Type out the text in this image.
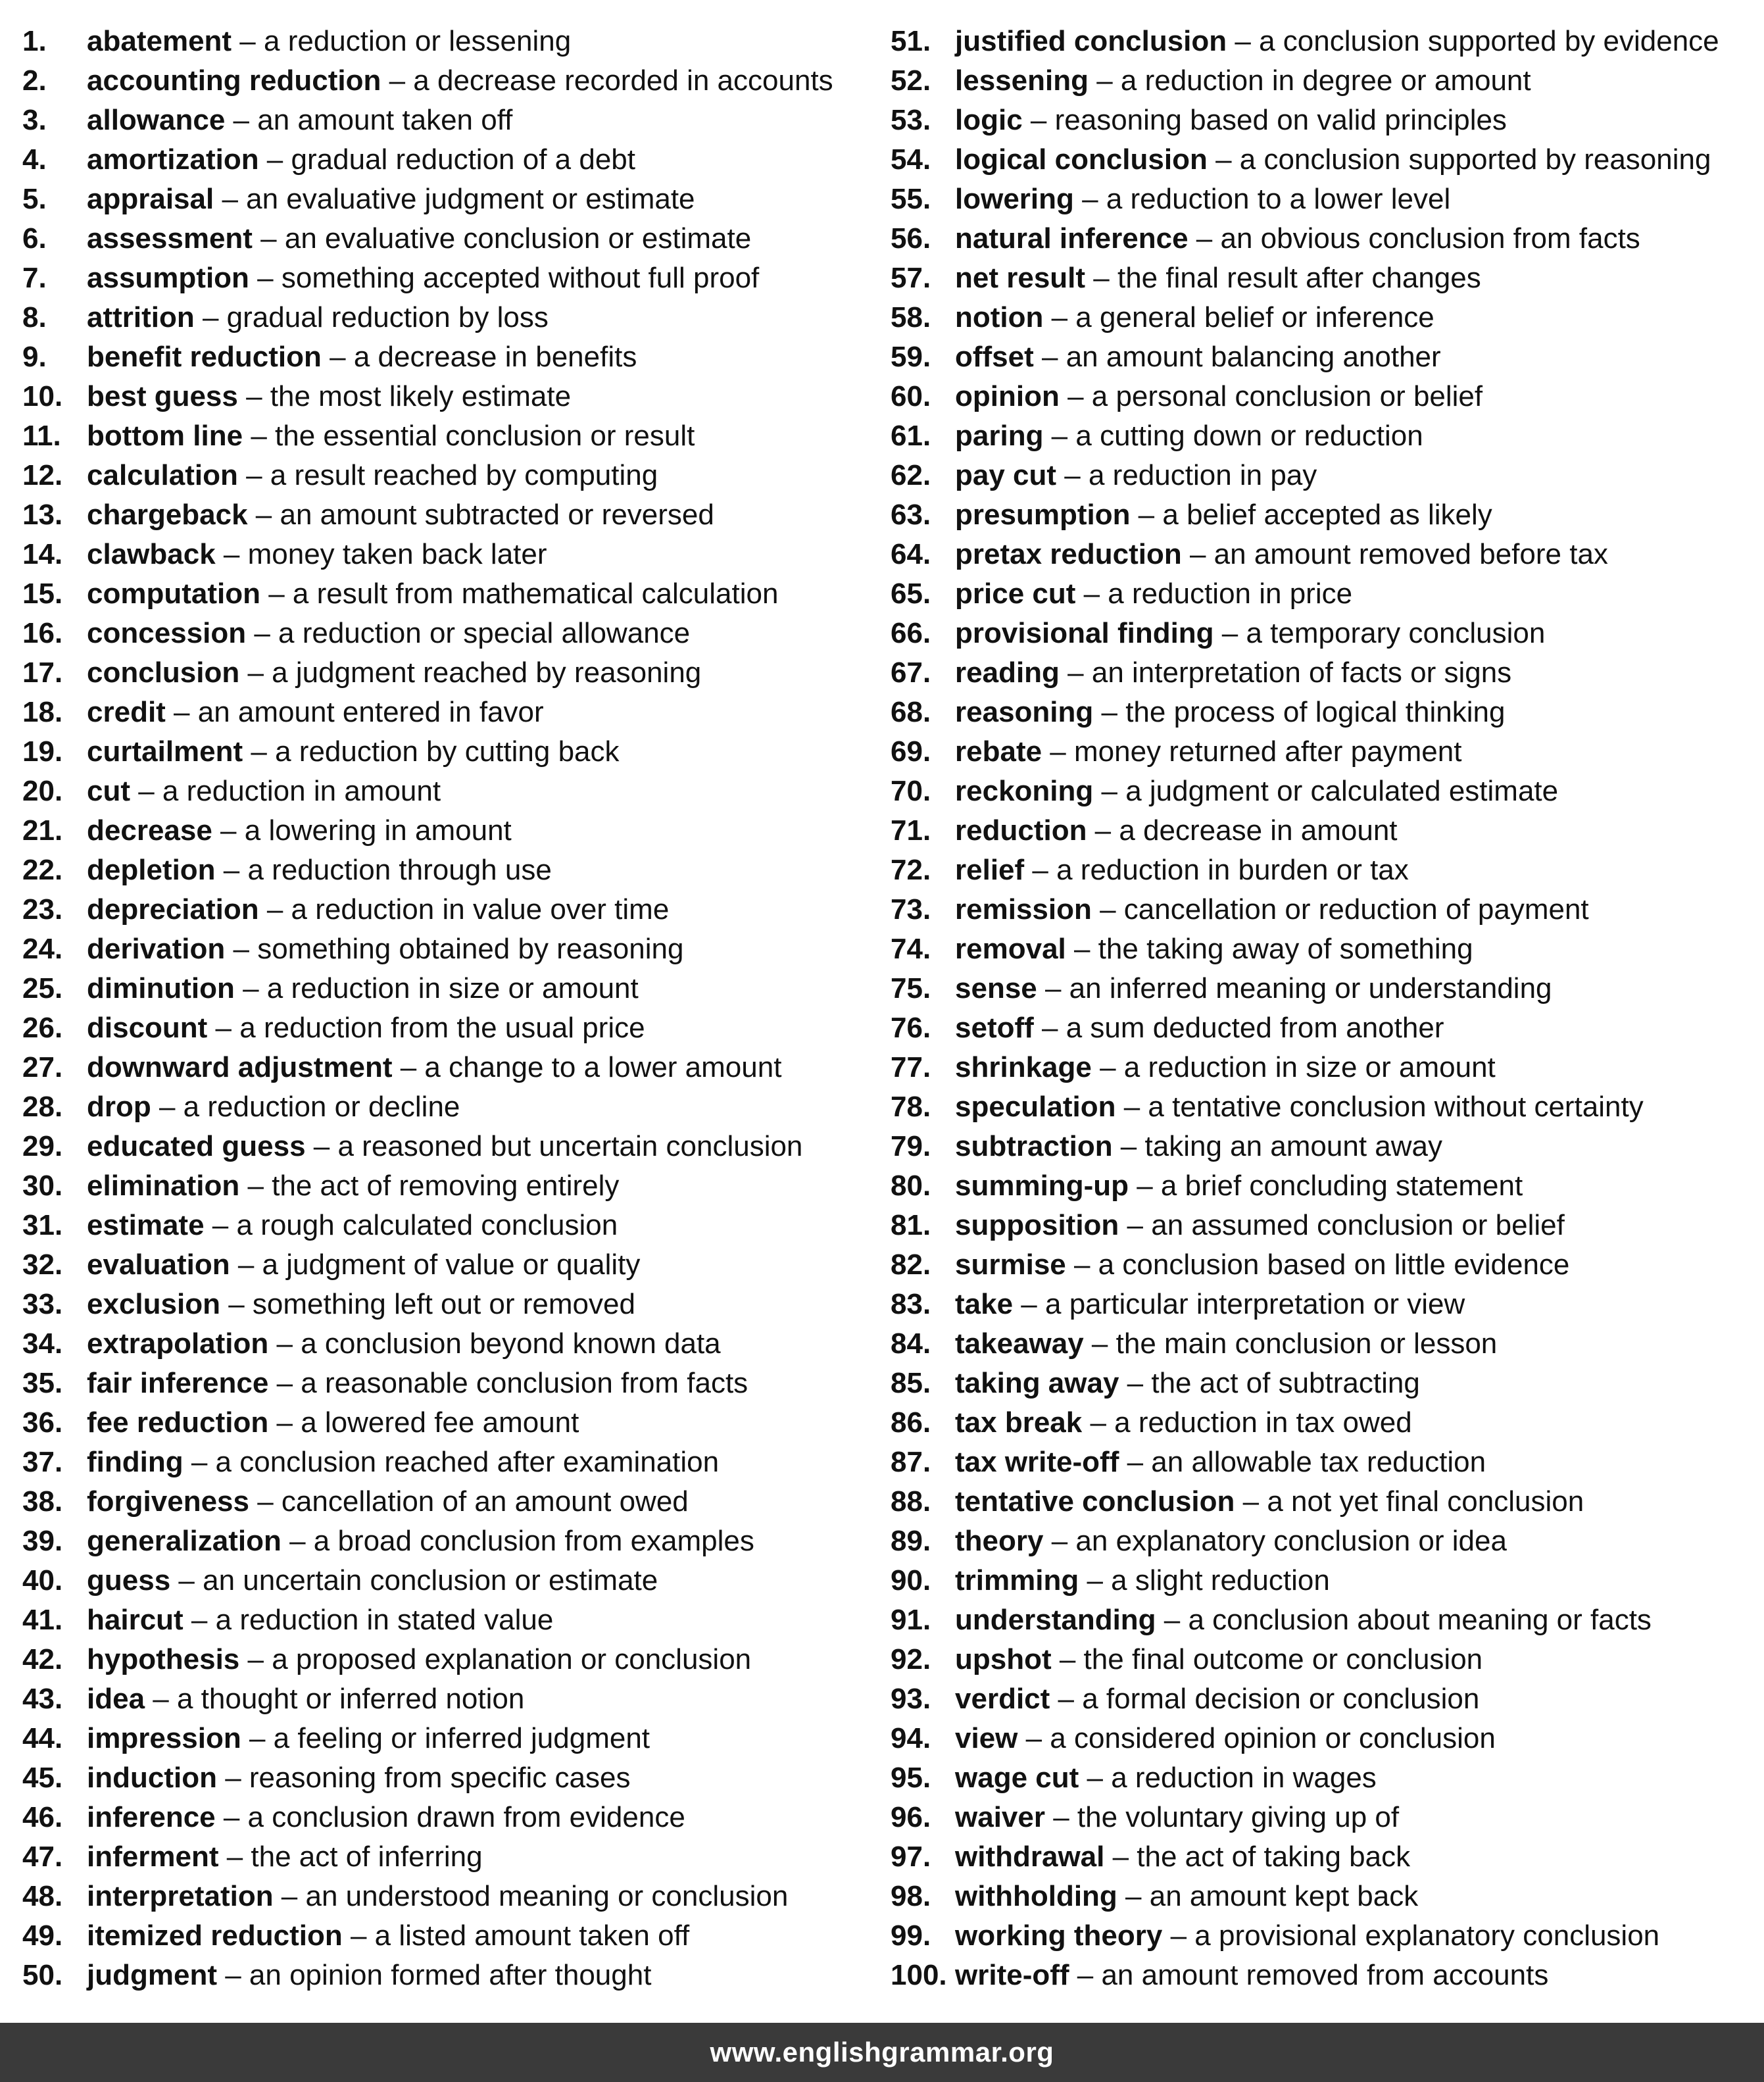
1. abatement – a reduction or lessening
2. accounting reduction – a decrease recorded in accounts
3. allowance – an amount taken off
4. amortization – gradual reduction of a debt
5. appraisal – an evaluative judgment or estimate
6. assessment – an evaluative conclusion or estimate
7. assumption – something accepted without full proof
8. attrition – gradual reduction by loss
9. benefit reduction – a decrease in benefits
10. best guess – the most likely estimate
11. bottom line – the essential conclusion or result
12. calculation – a result reached by computing
13. chargeback – an amount subtracted or reversed
14. clawback – money taken back later
15. computation – a result from mathematical calculation
16. concession – a reduction or special allowance
17. conclusion – a judgment reached by reasoning
18. credit – an amount entered in favor
19. curtailment – a reduction by cutting back
20. cut – a reduction in amount
21. decrease – a lowering in amount
22. depletion – a reduction through use
23. depreciation – a reduction in value over time
24. derivation – something obtained by reasoning
25. diminution – a reduction in size or amount
26. discount – a reduction from the usual price
27. downward adjustment – a change to a lower amount
28. drop – a reduction or decline
29. educated guess – a reasoned but uncertain conclusion
30. elimination – the act of removing entirely
31. estimate – a rough calculated conclusion
32. evaluation – a judgment of value or quality
33. exclusion – something left out or removed
34. extrapolation – a conclusion beyond known data
35. fair inference – a reasonable conclusion from facts
36. fee reduction – a lowered fee amount
37. finding – a conclusion reached after examination
38. forgiveness – cancellation of an amount owed
39. generalization – a broad conclusion from examples
40. guess – an uncertain conclusion or estimate
41. haircut – a reduction in stated value
42. hypothesis – a proposed explanation or conclusion
43. idea – a thought or inferred notion
44. impression – a feeling or inferred judgment
45. induction – reasoning from specific cases
46. inference – a conclusion drawn from evidence
47. inferment – the act of inferring
48. interpretation – an understood meaning or conclusion
49. itemized reduction – a listed amount taken off
50. judgment – an opinion formed after thought
51. justified conclusion – a conclusion supported by evidence
52. lessening – a reduction in degree or amount
53. logic – reasoning based on valid principles
54. logical conclusion – a conclusion supported by reasoning
55. lowering – a reduction to a lower level
56. natural inference – an obvious conclusion from facts
57. net result – the final result after changes
58. notion – a general belief or inference
59. offset – an amount balancing another
60. opinion – a personal conclusion or belief
61. paring – a cutting down or reduction
62. pay cut – a reduction in pay
63. presumption – a belief accepted as likely
64. pretax reduction – an amount removed before tax
65. price cut – a reduction in price
66. provisional finding – a temporary conclusion
67. reading – an interpretation of facts or signs
68. reasoning – the process of logical thinking
69. rebate – money returned after payment
70. reckoning – a judgment or calculated estimate
71. reduction – a decrease in amount
72. relief – a reduction in burden or tax
73. remission – cancellation or reduction of payment
74. removal – the taking away of something
75. sense – an inferred meaning or understanding
76. setoff – a sum deducted from another
77. shrinkage – a reduction in size or amount
78. speculation – a tentative conclusion without certainty
79. subtraction – taking an amount away
80. summing-up – a brief concluding statement
81. supposition – an assumed conclusion or belief
82. surmise – a conclusion based on little evidence
83. take – a particular interpretation or view
84. takeaway – the main conclusion or lesson
85. taking away – the act of subtracting
86. tax break – a reduction in tax owed
87. tax write-off – an allowable tax reduction
88. tentative conclusion – a not yet final conclusion
89. theory – an explanatory conclusion or idea
90. trimming – a slight reduction
91. understanding – a conclusion about meaning or facts
92. upshot – the final outcome or conclusion
93. verdict – a formal decision or conclusion
94. view – a considered opinion or conclusion
95. wage cut – a reduction in wages
96. waiver – the voluntary giving up of
97. withdrawal – the act of taking back
98. withholding – an amount kept back
99. working theory – a provisional explanatory conclusion
100. write-off – an amount removed from accounts
www.englishgrammar.org
